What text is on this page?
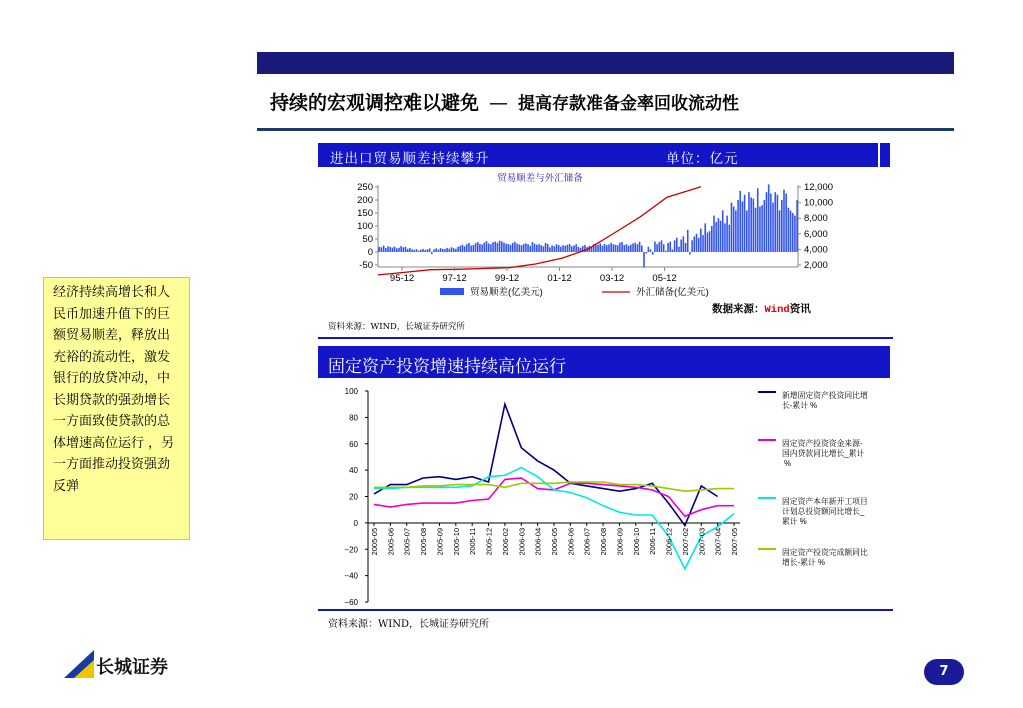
持续的宏观调控难以避免 — 提高存款准备金率回收流动性
经济持续高增长和人民币加速升值下的巨额贸易顺差，释放出充裕的流动性，激发银行的放贷冲动，中长期贷款的强劲增长一方面致使贷款的总体增速高位运行 ，另一方面推动投资强劲反弹
进出口贸易顺差持续攀升	单位：亿元
贸易顺差与外汇储备
250
200
150
100
50
0
-50
12,000
10,000
8,000
6,000
4,000
2,000
95-12	97-12	99-12	01-12	03-12	05-12
贸易顺差(亿美元)	外汇储备(亿美元)
数据来源：Wind资讯
资料来源：WIND，长城证券研究所
固定资产投资增速持续高位运行
100
80
60
40
20
0
−20
−40
−60
2005-05 2005-06 2005-07 2005-08 2005-09 2005-10 2005-11 2005-12 2006-02 2006-03 2006-04 2006-05 2006-06 2006-07 2006-08 2006-09 2006-10 2006-11 2006-12 2007-02 2007-03 2007-04 2007-05
新增固定资产投资同比增长-累计 %
固定资产投资资金来源-国内贷款同比增长_累计 %
固定资产本年新开工项目计划总投资额同比增长_累计 %
固定资产投资完成额同比增长-累计 %
资料来源：WIND，长城证券研究所
长城证券	7
